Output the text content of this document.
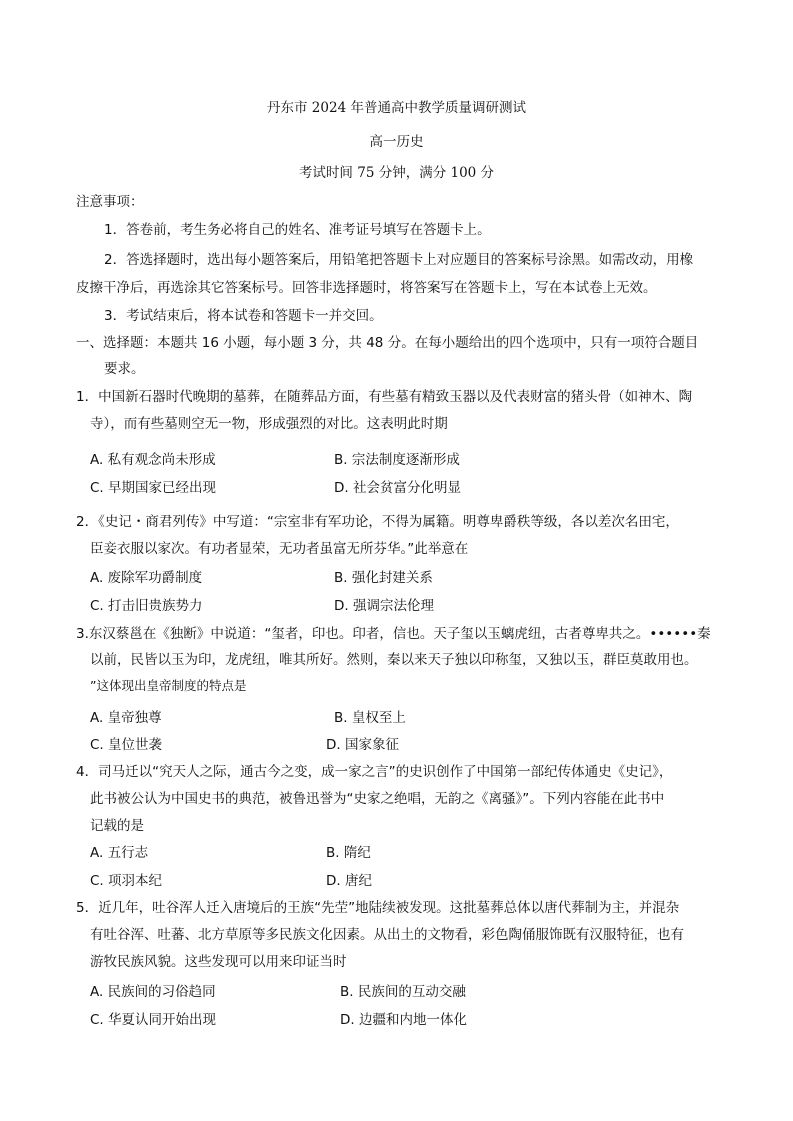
丹东市 2024 年普通高中教学质量调研测试
高一历史
考试时间 75 分钟，满分 100 分
注意事项：
1．答卷前，考生务必将自己的姓名、准考证号填写在答题卡上。
2．答选择题时，选出每小题答案后，用铅笔把答题卡上对应题目的答案标号涂黑。如需改动，用橡
皮擦干净后，再选涂其它答案标号。回答非选择题时，将答案写在答题卡上，写在本试卷上无效。
3．考试结束后，将本试卷和答题卡一并交回。
一、选择题：本题共 16 小题，每小题 3 分，共 48 分。在每小题给出的四个选项中，只有一项符合题目
要求。
1．中国新石器时代晚期的墓葬，在随葬品方面，有些墓有精致玉器以及代表财富的猪头骨（如神木、陶
寺），而有些墓则空无一物，形成强烈的对比。这表明此时期
A. 私有观念尚未形成	B. 宗法制度逐渐形成
C. 早期国家已经出现	D. 社会贫富分化明显
2．《史记・商君列传》中写道：“宗室非有军功论，不得为属籍。明尊卑爵秩等级，各以差次名田宅，
臣妾衣服以家次。有功者显荣，无功者虽富无所芬华。”此举意在
A. 废除军功爵制度	B. 强化封建关系
C. 打击旧贵族势力	D. 强调宗法伦理
3.东汉蔡邕在《独断》中说道：“玺者，印也。印者，信也。天子玺以玉螭虎纽，古者尊卑共之。••••••秦
以前，民皆以玉为印，龙虎纽，唯其所好。然则，秦以来天子独以印称玺，又独以玉，群臣莫敢用也。
”这体现出皇帝制度的特点是
A. 皇帝独尊	B. 皇权至上
C. 皇位世袭	D. 国家象征
4．司马迁以“究天人之际，通古今之变，成一家之言”的史识创作了中国第一部纪传体通史《史记》，
此书被公认为中国史书的典范，被鲁迅誉为“史家之绝唱，无韵之《离骚》”。下列内容能在此书中
记载的是
A. 五行志	B. 隋纪
C. 项羽本纪	D. 唐纪
5．近几年，吐谷浑人迁入唐境后的王族“先茔”地陆续被发现。这批墓葬总体以唐代葬制为主，并混杂
有吐谷浑、吐蕃、北方草原等多民族文化因素。从出土的文物看，彩色陶俑服饰既有汉服特征，也有
游牧民族风貌。这些发现可以用来印证当时
A. 民族间的习俗趋同	B. 民族间的互动交融
C. 华夏认同开始出现	D. 边疆和内地一体化
